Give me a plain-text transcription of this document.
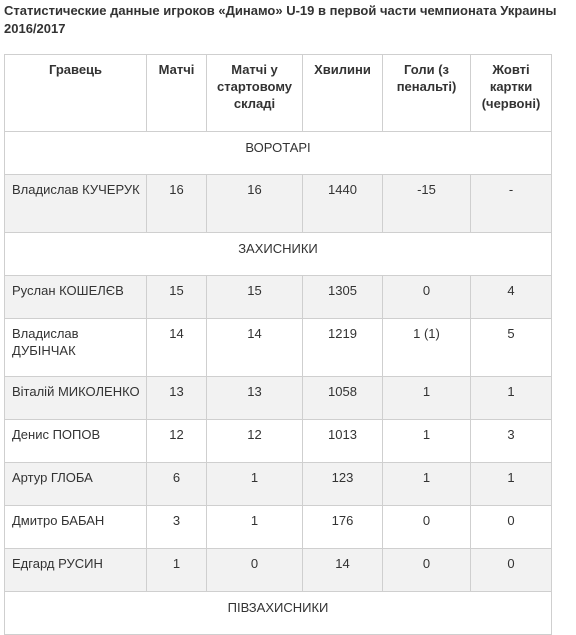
Статистические данные игроков «Динамо» U-19 в первой части чемпионата Украины 2016/2017
Гравець	Матчі	Матчі у стартовому складі	Хвилини	Голи (з пенальті)	Жовті картки (червоні)
ВОРОТАРІ					
Владислав КУЧЕРУК	16	16	1440	-15	-
ЗАХИСНИКИ					
Руслан КОШЕЛЄВ	15	15	1305	0	4
Владислав ДУБІНЧАК	14	14	1219	1 (1)	5
Віталій МИКОЛЕНКО	13	13	1058	1	1
Денис ПОПОВ	12	12	1013	1	3
Артур ГЛОБА	6	1	123	1	1
Дмитро БАБАН	3	1	176	0	0
Едгард РУСИН	1	0	14	0	0
ПІВЗАХИСНИКИ					
